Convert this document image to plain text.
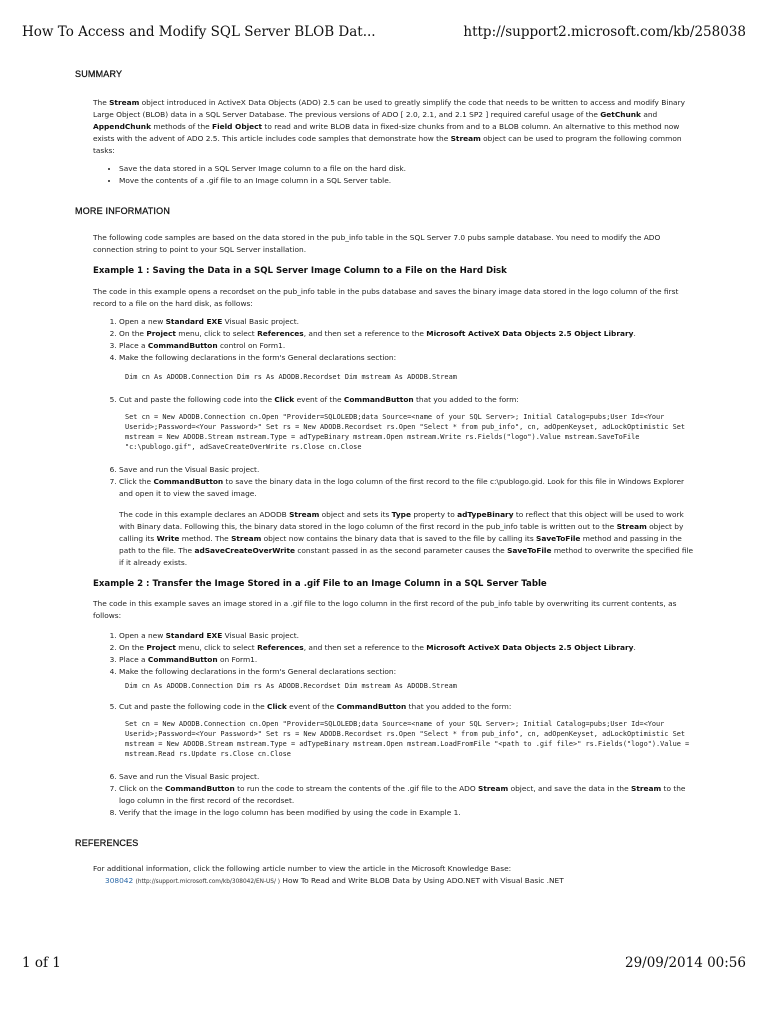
How To Access and Modify SQL Server BLOB Dat...	http://support2.microsoft.com/kb/258038
SUMMARY

The Stream object introduced in ActiveX Data Objects (ADO) 2.5 can be used to greatly simplify the code that needs to be written to access and modify Binary Large Object (BLOB) data in a SQL Server Database. The previous versions of ADO [ 2.0, 2.1, and 2.1 SP2 ] required careful usage of the GetChunk and AppendChunk methods of the Field Object to read and write BLOB data in fixed-size chunks from and to a BLOB column. An alternative to this method now exists with the advent of ADO 2.5. This article includes code samples that demonstrate how the Stream object can be used to program the following common tasks:

• Save the data stored in a SQL Server Image column to a file on the hard disk.
• Move the contents of a .gif file to an Image column in a SQL Server table.
MORE INFORMATION

The following code samples are based on the data stored in the pub_info table in the SQL Server 7.0 pubs sample database. You need to modify the ADO connection string to point to your SQL Server installation.

Example 1 : Saving the Data in a SQL Server Image Column to a File on the Hard Disk

The code in this example opens a recordset on the pub_info table in the pubs database and saves the binary image data stored in the logo column of the first record to a file on the hard disk, as follows:

1. Open a new Standard EXE Visual Basic project.
2. On the Project menu, click to select References, and then set a reference to the Microsoft ActiveX Data Objects 2.5 Object Library.
3. Place a CommandButton control on Form1.
4. Make the following declarations in the form's General declarations section:
Dim cn As ADODB.Connection Dim rs As ADODB.Recordset Dim mstream As ADODB.Stream
5. Cut and paste the following code into the Click event of the CommandButton that you added to the form:
Set cn = New ADODB.Connection cn.Open "Provider=SQLOLEDB;data Source=<name of your SQL Server>; Initial Catalog=pubs;User Id=<Your Userid>;Password=<Your Password>" Set rs = New ADODB.Recordset rs.Open "Select * from pub_info", cn, adOpenKeyset, adLockOptimistic Set mstream = New ADODB.Stream mstream.Type = adTypeBinary mstream.Open mstream.Write rs.Fields("logo").Value mstream.SaveToFile "c:\publogo.gif", adSaveCreateOverWrite rs.Close cn.Close
6. Save and run the Visual Basic project.
7. Click the CommandButton to save the binary data in the logo column of the first record to the file c:\publogo.gid. Look for this file in Windows Explorer and open it to view the saved image.

The code in this example declares an ADODB Stream object and sets its Type property to adTypeBinary to reflect that this object will be used to work with Binary data. Following this, the binary data stored in the logo column of the first record in the pub_info table is written out to the Stream object by calling its Write method. The Stream object now contains the binary data that is saved to the file by calling its SaveToFile method and passing in the path to the file. The adSaveCreateOverWrite constant passed in as the second parameter causes the SaveToFile method to overwrite the specified file if it already exists.

Example 2 : Transfer the Image Stored in a .gif File to an Image Column in a SQL Server Table

The code in this example saves an image stored in a .gif file to the logo column in the first record of the pub_info table by overwriting its current contents, as follows:

1. Open a new Standard EXE Visual Basic project.
2. On the Project menu, click to select References, and then set a reference to the Microsoft ActiveX Data Objects 2.5 Object Library.
3. Place a CommandButton on Form1.
4. Make the following declarations in the form's General declarations section:
Dim cn As ADODB.Connection Dim rs As ADODB.Recordset Dim mstream As ADODB.Stream
5. Cut and paste the following code in the Click event of the CommandButton that you added to the form:
Set cn = New ADODB.Connection cn.Open "Provider=SQLOLEDB;data Source=<name of your SQL Server>; Initial Catalog=pubs;User Id=<Your Userid>;Password=<Your Password>" Set rs = New ADODB.Recordset rs.Open "Select * from pub_info", cn, adOpenKeyset, adLockOptimistic Set mstream = New ADODB.Stream mstream.Type = adTypeBinary mstream.Open mstream.LoadFromFile "<path to .gif file>" rs.Fields("logo").Value = mstream.Read rs.Update rs.Close cn.Close
6. Save and run the Visual Basic project.
7. Click on the CommandButton to run the code to stream the contents of the .gif file to the ADO Stream object, and save the data in the Stream to the logo column in the first record of the recordset.
8. Verify that the image in the logo column has been modified by using the code in Example 1.
REFERENCES

For additional information, click the following article number to view the article in the Microsoft Knowledge Base:

308042 (http://support.microsoft.com/kb/308042/EN-US/ ) How To Read and Write BLOB Data by Using ADO.NET with Visual Basic .NET

1 of 1	29/09/2014 00:56
